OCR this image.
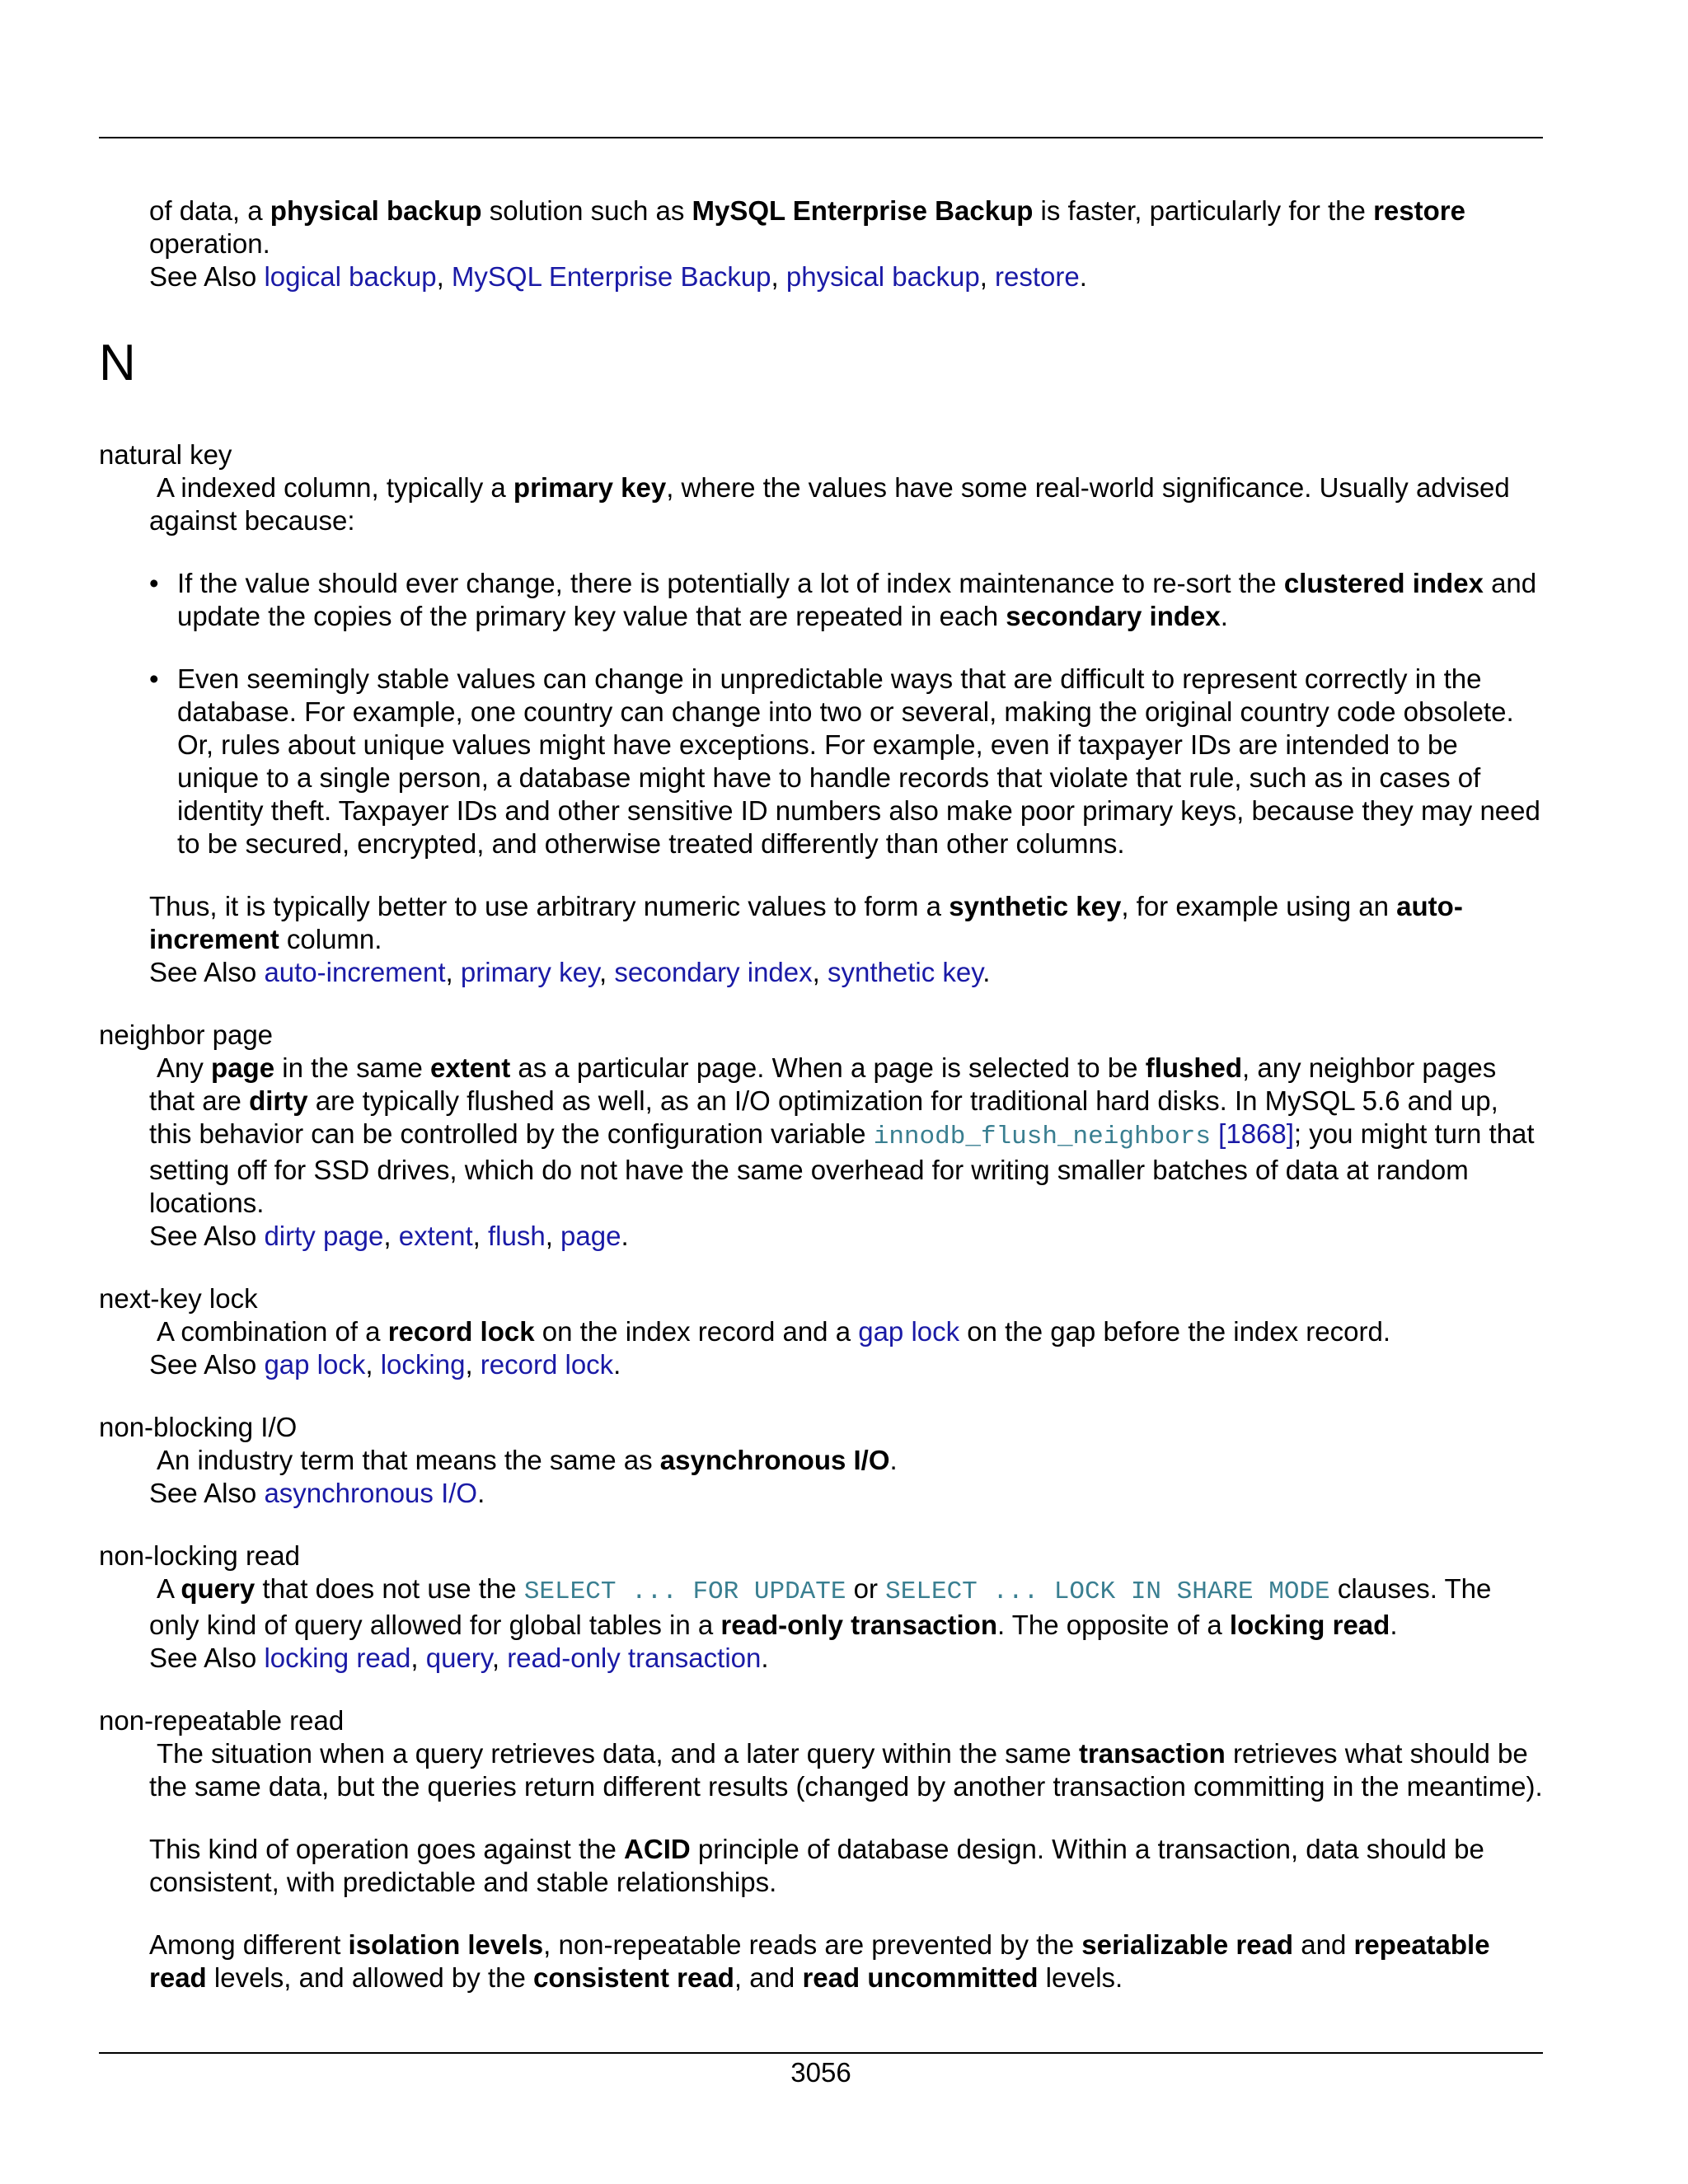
of data, a physical backup solution such as MySQL Enterprise Backup is faster, particularly for the restore operation.

See Also logical backup, MySQL Enterprise Backup, physical backup, restore.

N

natural key

A indexed column, typically a primary key, where the values have some real-world significance. Usually advised against because:

• If the value should ever change, there is potentially a lot of index maintenance to re-sort the clustered index and update the copies of the primary key value that are repeated in each secondary index.
• Even seemingly stable values can change in unpredictable ways that are difficult to represent correctly in the database. For example, one country can change into two or several, making the original country code obsolete. Or, rules about unique values might have exceptions. For example, even if taxpayer IDs are intended to be unique to a single person, a database might have to handle records that violate that rule, such as in cases of identity theft. Taxpayer IDs and other sensitive ID numbers also make poor primary keys, because they may need to be secured, encrypted, and otherwise treated differently than other columns.

Thus, it is typically better to use arbitrary numeric values to form a synthetic key, for example using an auto-increment column.

See Also auto-increment, primary key, secondary index, synthetic key.

neighbor page

Any page in the same extent as a particular page. When a page is selected to be flushed, any neighbor pages that are dirty are typically flushed as well, as an I/O optimization for traditional hard disks. In MySQL 5.6 and up, this behavior can be controlled by the configuration variable innodb_flush_neighbors [1868]; you might turn that setting off for SSD drives, which do not have the same overhead for writing smaller batches of data at random locations.

See Also dirty page, extent, flush, page.

next-key lock

A combination of a record lock on the index record and a gap lock on the gap before the index record.

See Also gap lock, locking, record lock.

non-blocking I/O

An industry term that means the same as asynchronous I/O.

See Also asynchronous I/O.

non-locking read

A query that does not use the SELECT ... FOR UPDATE or SELECT ... LOCK IN SHARE MODE clauses. The only kind of query allowed for global tables in a read-only transaction. The opposite of a locking read.

See Also locking read, query, read-only transaction.

non-repeatable read

The situation when a query retrieves data, and a later query within the same transaction retrieves what should be the same data, but the queries return different results (changed by another transaction committing in the meantime).

This kind of operation goes against the ACID principle of database design. Within a transaction, data should be consistent, with predictable and stable relationships.

Among different isolation levels, non-repeatable reads are prevented by the serializable read and repeatable read levels, and allowed by the consistent read, and read uncommitted levels.

3056
